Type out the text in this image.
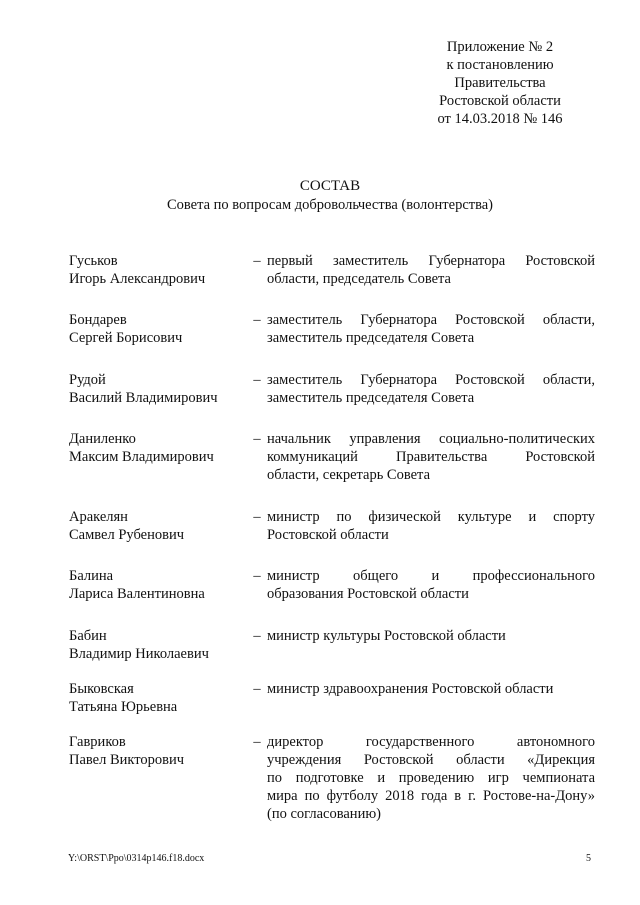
Приложение № 2
к постановлению
Правительства
Ростовской области
от 14.03.2018 № 146
СОСТАВ
Совета по вопросам добровольчества (волонтерства)
Гуськов
Игорь Александрович
– первый заместитель Губернатора Ростовской
области, председатель Совета
Бондарев
Сергей Борисович
– заместитель Губернатора Ростовской области,
заместитель председателя Совета
Рудой
Василий Владимирович
– заместитель Губернатора Ростовской области,
заместитель председателя Совета
Даниленко
Максим Владимирович
– начальник управления социально-политических
коммуникаций Правительства Ростовской
области, секретарь Совета
Аракелян
Самвел Рубенович
– министр по физической культуре и спорту
Ростовской области
Балина
Лариса Валентиновна
– министр общего и профессионального
образования Ростовской области
Бабин
Владимир Николаевич
– министр культуры Ростовской области
Быковская
Татьяна Юрьевна
– министр здравоохранения Ростовской области
Гавриков
Павел Викторович
– директор государственного автономного
учреждения Ростовской области «Дирекция
по подготовке и проведению игр чемпионата
мира по футболу 2018 года в г. Ростове-на-Дону»
(по согласованию)
Y:\ORST\Ppo\0314p146.f18.docx	5
